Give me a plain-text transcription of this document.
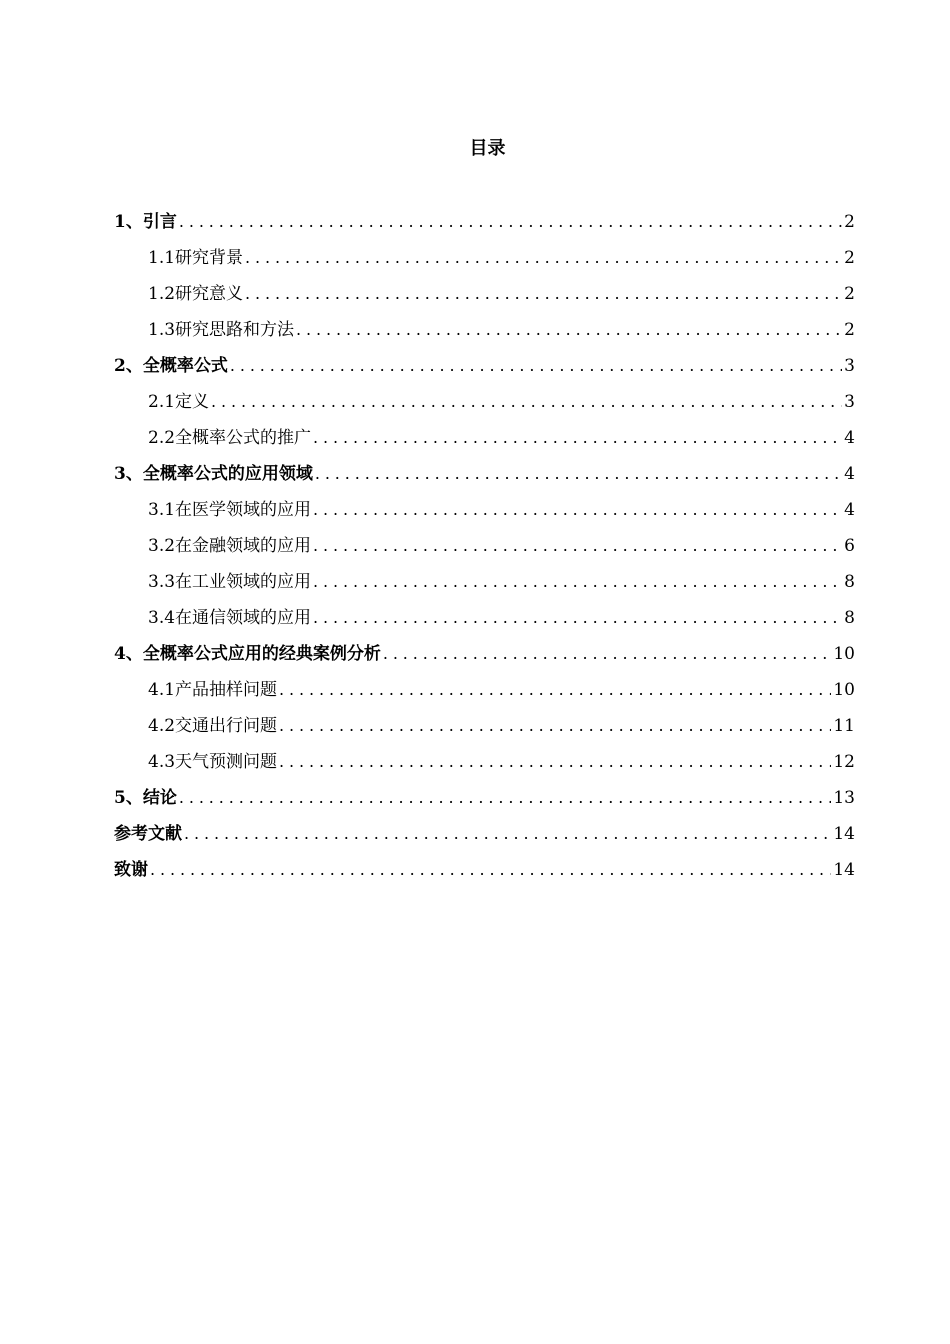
目录
1、引言 .....	2
1.1研究背景 .....	2
1.2研究意义 .....	2
1.3研究思路和方法 .....	2
2、全概率公式 .....	3
2.1定义 .....	3
2.2全概率公式的推广 .....	4
3、全概率公式的应用领域 .....	4
3.1在医学领域的应用 .....	4
3.2在金融领域的应用 .....	6
3.3在工业领域的应用 .....	8
3.4在通信领域的应用 .....	8
4、全概率公式应用的经典案例分析 .....	10
4.1产品抽样问题 .....	10
4.2交通出行问题 .....	11
4.3天气预测问题 .....	12
5、结论 .....	13
参考文献 .....	14
致谢 .....	14
